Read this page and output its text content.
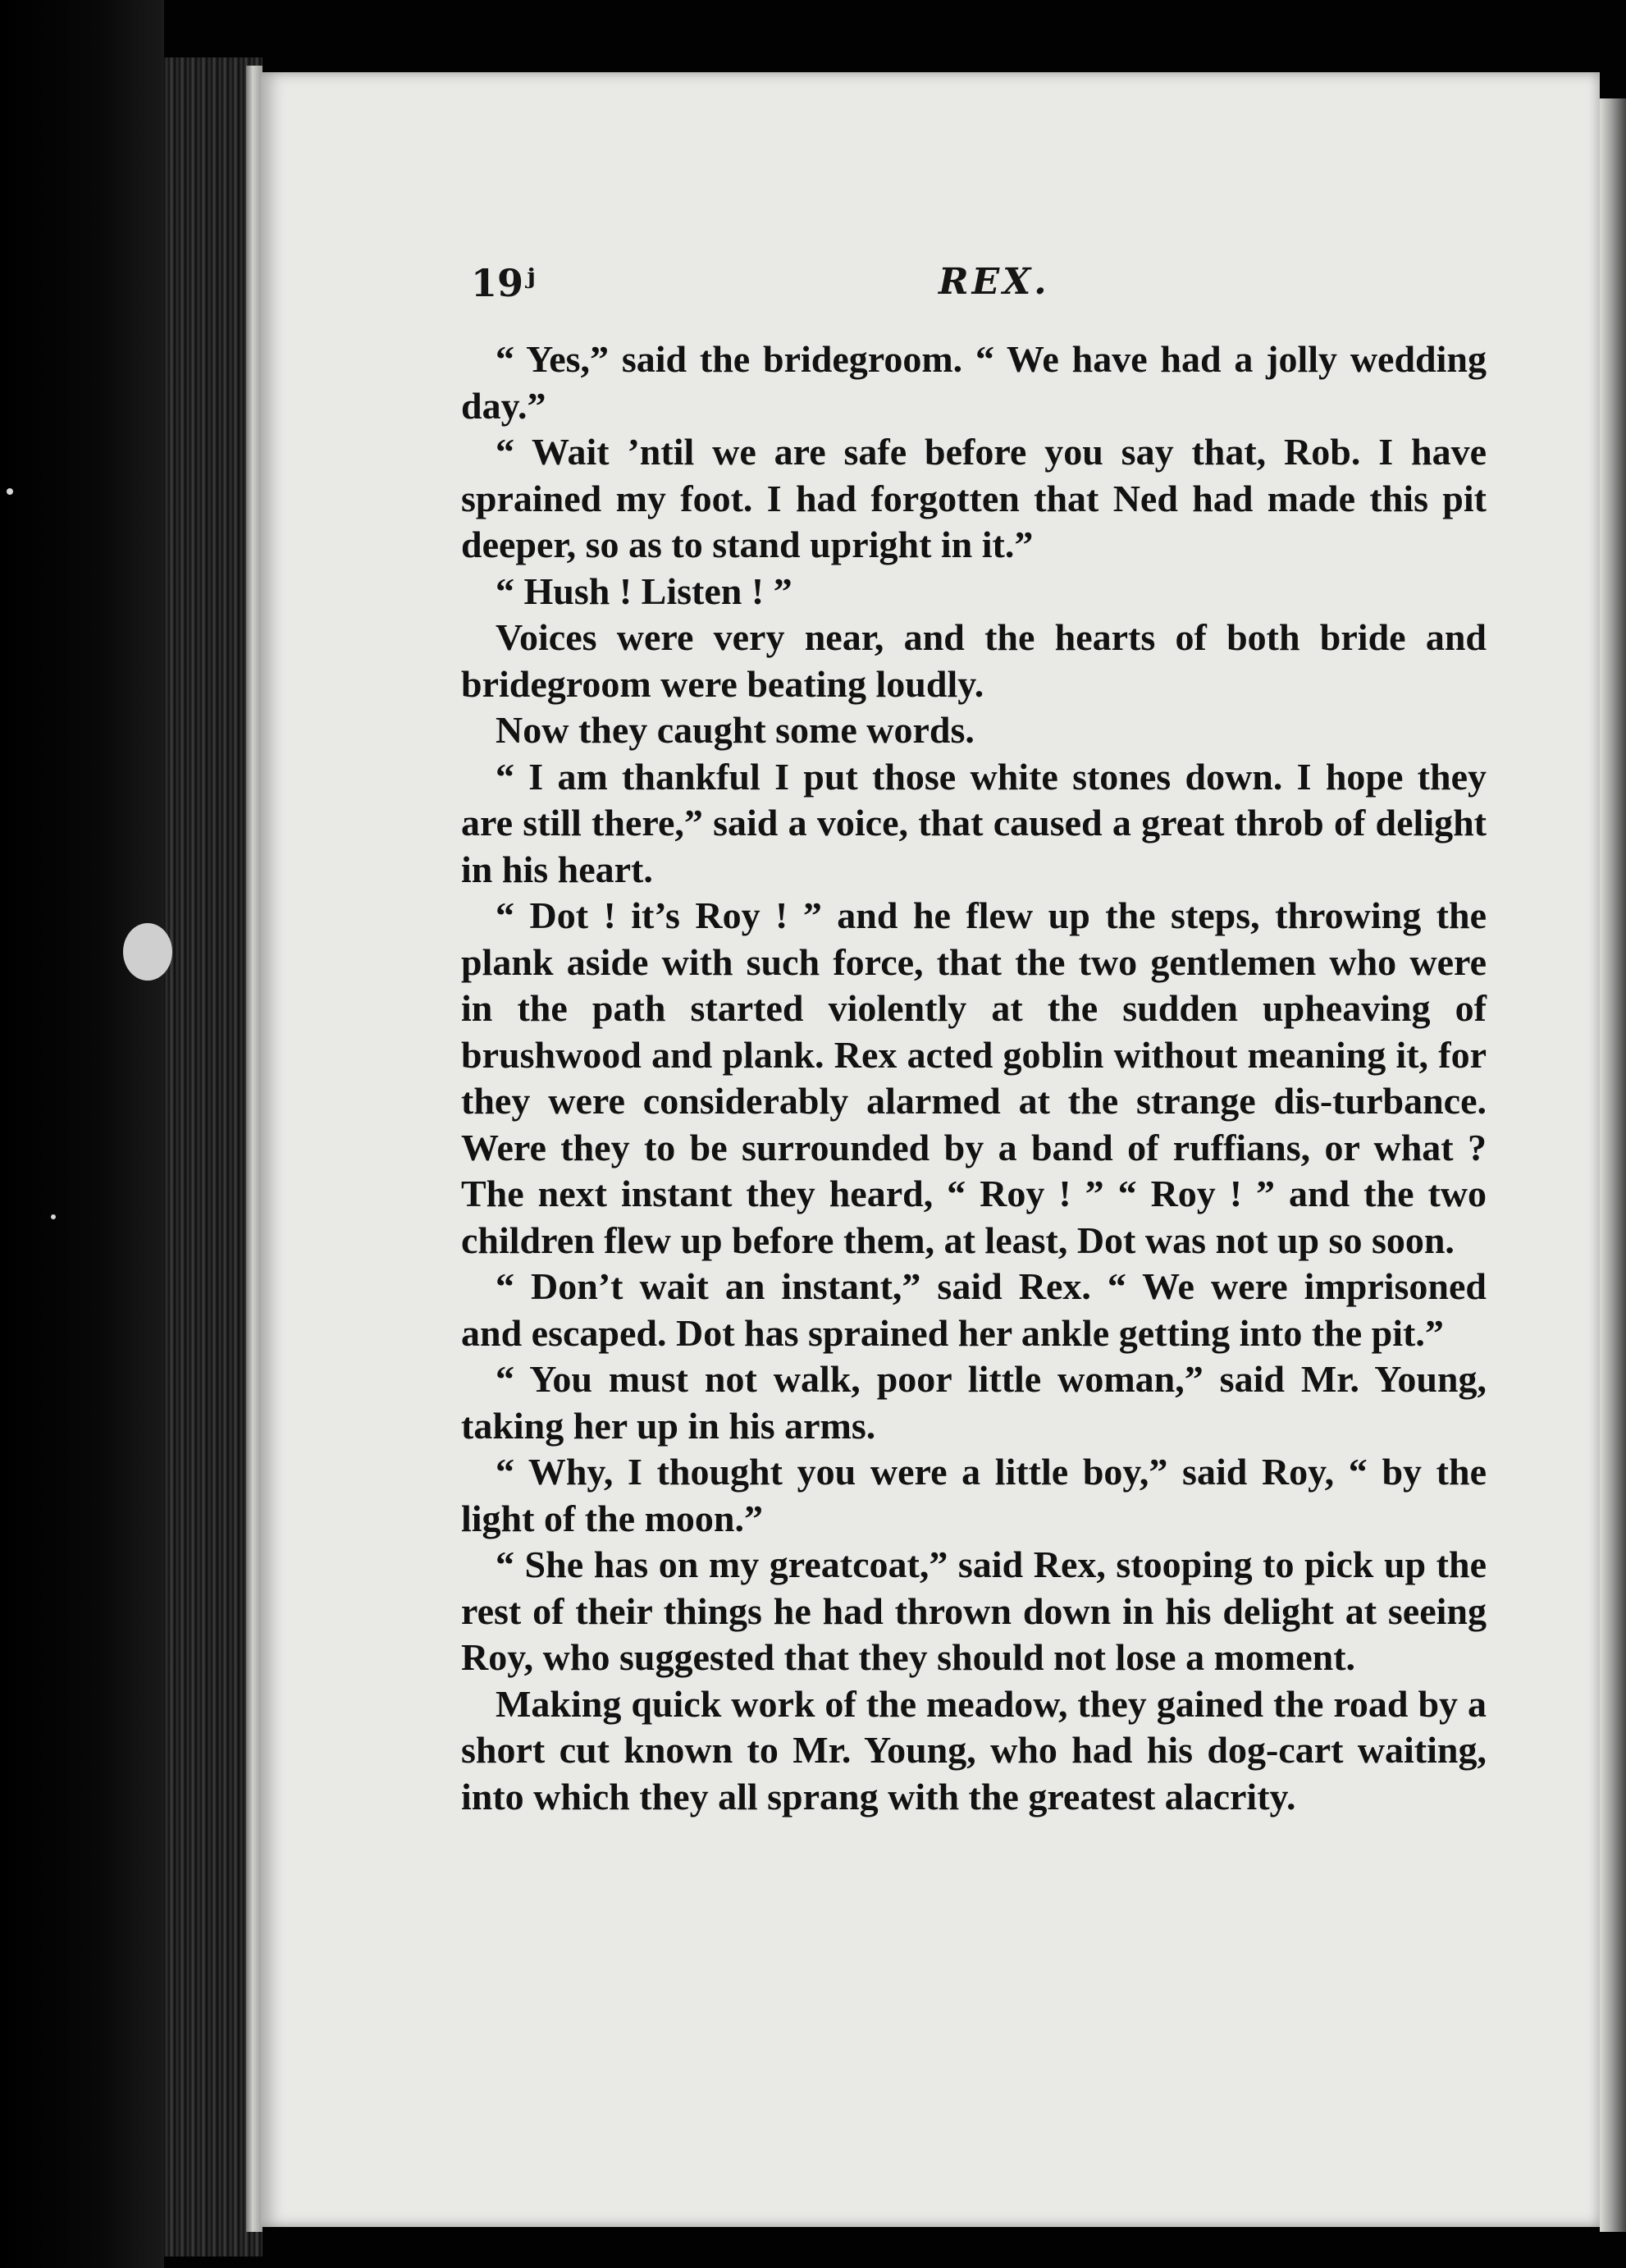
19ʲ	REX.

“ Yes,” said the bridegroom. “ We have had a jolly wedding day.”

“ Wait ’ntil we are safe before you say that, Rob. I have sprained my foot. I had forgotten that Ned had made this pit deeper, so as to stand upright in it.”

“ Hush ! Listen ! ”

Voices were very near, and the hearts of both bride and bridegroom were beating loudly.

Now they caught some words.

“ I am thankful I put those white stones down. I hope they are still there,” said a voice, that caused a great throb of delight in his heart.

“ Dot ! it’s Roy ! ” and he flew up the steps, throwing the plank aside with such force, that the two gentlemen who were in the path started violently at the sudden upheaving of brushwood and plank. Rex acted goblin without meaning it, for they were considerably alarmed at the strange dis-turbance. Were they to be surrounded by a band of ruffians, or what ? The next instant they heard, “ Roy ! ” “ Roy ! ” and the two children flew up before them, at least, Dot was not up so soon.

“ Don’t wait an instant,” said Rex. “ We were imprisoned and escaped. Dot has sprained her ankle getting into the pit.”

“ You must not walk, poor little woman,” said Mr. Young, taking her up in his arms.

“ Why, I thought you were a little boy,” said Roy, “ by the light of the moon.”

“ She has on my greatcoat,” said Rex, stooping to pick up the rest of their things he had thrown down in his delight at seeing Roy, who suggested that they should not lose a moment.

Making quick work of the meadow, they gained the road by a short cut known to Mr. Young, who had his dog-cart waiting, into which they all sprang with the greatest alacrity.
